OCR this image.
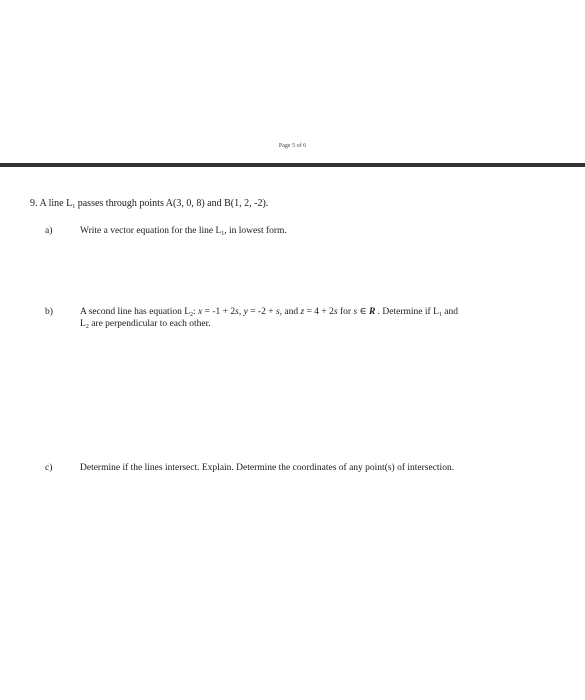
Page 5 of 6
9. A line $L_1$ passes through points A(3, 0, 8) and B(1, 2, -2).
a)	Write a vector equation for the line $L_1$, in lowest form.
b)	A second line has equation $L_2$: x = -1 + 2s, y = -2 + s, and z = 4 + 2s for s ∈ R . Determine if $L_1$ and
$L_2$ are perpendicular to each other.
c)	Determine if the lines intersect. Explain. Determine the coordinates of any point(s) of intersection.
